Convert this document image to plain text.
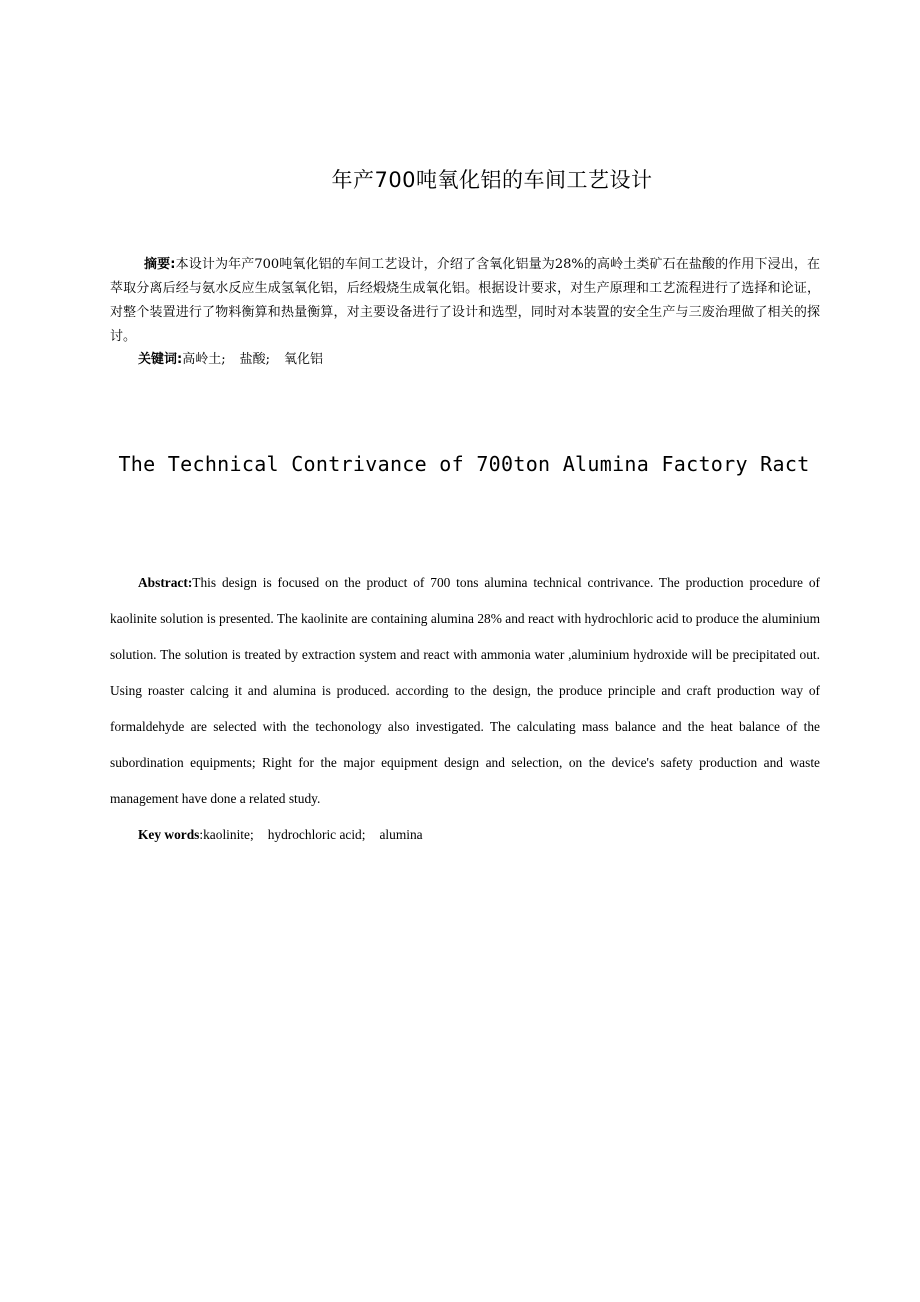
年产700吨氧化铝的车间工艺设计
摘要:本设计为年产700吨氧化铝的车间工艺设计，介绍了含氧化铝量为28%的高岭土类矿石在盐酸的作用下浸出，在萃取分离后经与氨水反应生成氢氧化铝，后经煅烧生成氧化铝。根据设计要求，对生产原理和工艺流程进行了选择和论证，对整个装置进行了物料衡算和热量衡算，对主要设备进行了设计和选型，同时对本装置的安全生产与三废治理做了相关的探讨。
关键词:高岭土; 盐酸; 氧化铝
The Technical Contrivance of 700ton Alumina Factory Ract
Abstract:This design is focused on the product of 700 tons alumina technical contrivance. The production procedure of kaolinite solution is presented. The kaolinite are containing alumina 28% and react with hydrochloric acid to produce the aluminium solution. The solution is treated by extraction system and react with ammonia water ,aluminium hydroxide will be precipitated out. Using roaster calcing it and alumina is produced. according to the design, the produce principle and craft production way of formaldehyde are selected with the techonology also investigated. The calculating mass balance and the heat balance of the subordination equipments; Right for the major equipment design and selection, on the device's safety production and waste management have done a related study.
Key words:kaolinite; hydrochloric acid; alumina
